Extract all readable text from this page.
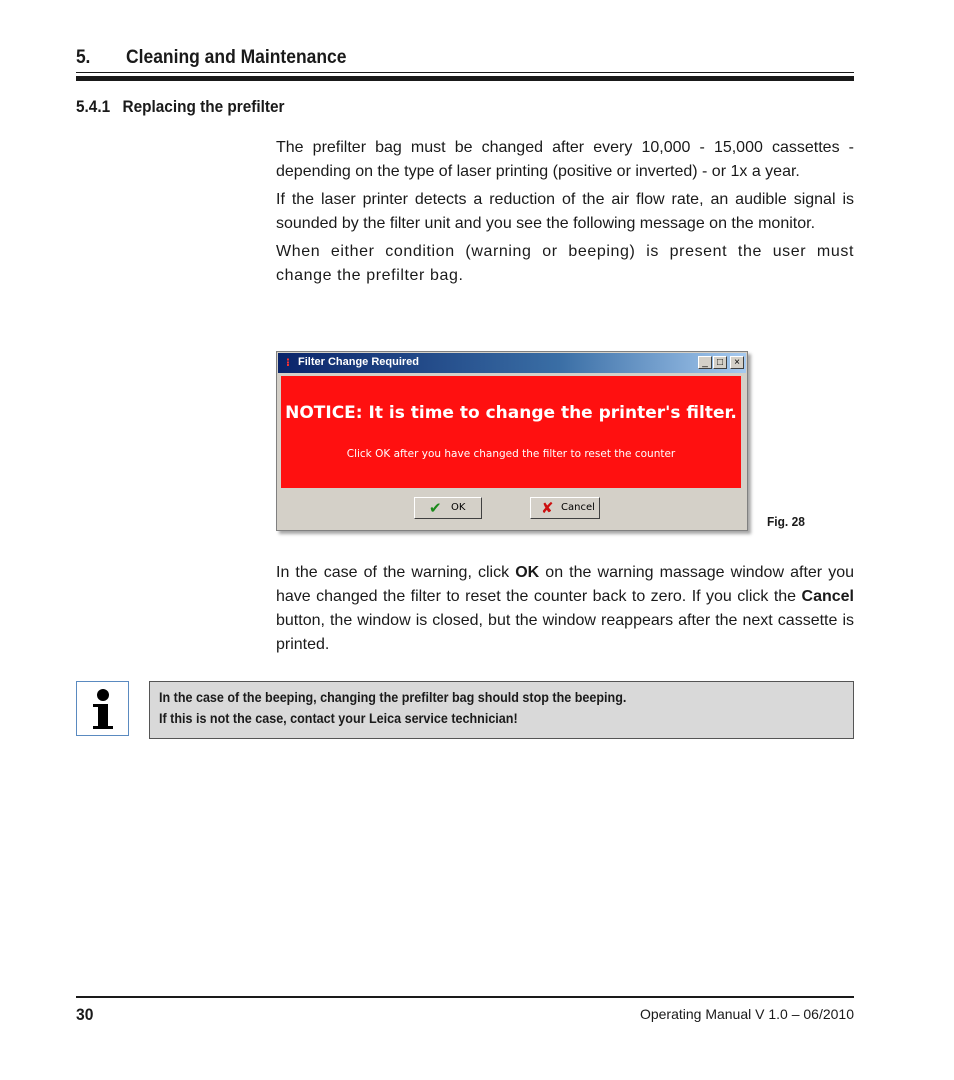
5. Cleaning and Maintenance
5.4.1 Replacing the prefilter

The prefilter bag must be changed after every 10,000 - 15,000 cassettes - depending on the type of laser printing (positive or inverted) - or 1x a year.

If the laser printer detects a reduction of the air flow rate, an audible signal is sounded by the filter unit and you see the following message on the monitor.

When either condition (warning or beeping) is present the user must change the prefilter bag.

⁝ Filter Change Required	_ □	×
NOTICE: It is time to change the printer's filter.
Click OK after you have changed the filter to reset the counter
✔ OK	✘ Cancel
Fig. 28

In the case of the warning, click OK on the warning massage window after you have changed the filter to reset the counter back to zero. If you click the Cancel button, the window is closed, but the window reappears after the next cassette is printed.

In the case of the beeping, changing the prefilter bag should stop the beeping.
If this is not the case, contact your Leica service technician!
30	Operating Manual V 1.0 – 06/2010
